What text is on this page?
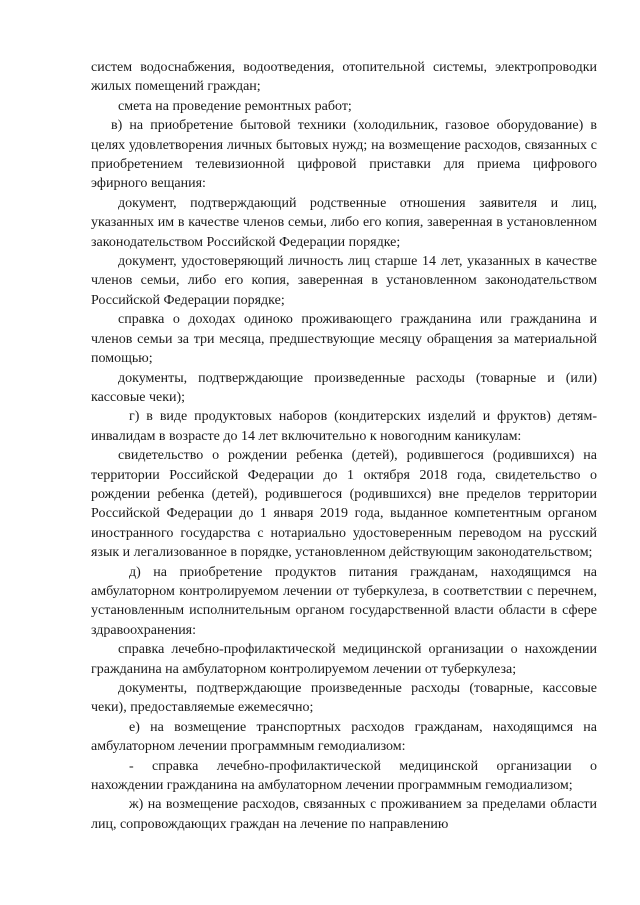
систем водоснабжения, водоотведения, отопительной системы, электропроводки жилых помещений граждан;

смета на проведение ремонтных работ;

в) на приобретение бытовой техники (холодильник, газовое оборудование) в целях удовлетворения личных бытовых нужд; на возмещение расходов, связанных с приобретением телевизионной цифровой приставки для приема цифрового эфирного вещания:

документ, подтверждающий родственные отношения заявителя и лиц, указанных им в качестве членов семьи, либо его копия, заверенная в установленном законодательством Российской Федерации порядке;

документ, удостоверяющий личность лиц старше 14 лет, указанных в качестве членов семьи, либо его копия, заверенная в установленном законодательством Российской Федерации порядке;

справка о доходах одиноко проживающего гражданина или гражданина и членов семьи за три месяца, предшествующие месяцу обращения за материальной помощью;

документы, подтверждающие произведенные расходы (товарные и (или) кассовые чеки);

г) в виде продуктовых наборов (кондитерских изделий и фруктов) детям-инвалидам в возрасте до 14 лет включительно к новогодним каникулам:

свидетельство о рождении ребенка (детей), родившегося (родившихся) на территории Российской Федерации до 1 октября 2018 года, свидетельство о рождении ребенка (детей), родившегося (родившихся) вне пределов территории Российской Федерации до 1 января 2019 года, выданное компетентным органом иностранного государства с нотариально удостоверенным переводом на русский язык и легализованное в порядке, установленном действующим законодательством;

д) на приобретение продуктов питания гражданам, находящимся на амбулаторном контролируемом лечении от туберкулеза, в соответствии с перечнем, установленным исполнительным органом государственной власти области в сфере здравоохранения:

справка лечебно-профилактической медицинской организации о нахождении гражданина на амбулаторном контролируемом лечении от туберкулеза;

документы, подтверждающие произведенные расходы (товарные, кассовые чеки), предоставляемые ежемесячно;

е) на возмещение транспортных расходов гражданам, находящимся на амбулаторном лечении программным гемодиализом:

- справка лечебно-профилактической медицинской организации о нахождении гражданина на амбулаторном лечении программным гемодиализом;

ж) на возмещение расходов, связанных с проживанием за пределами области лиц, сопровождающих граждан на лечение по направлению
